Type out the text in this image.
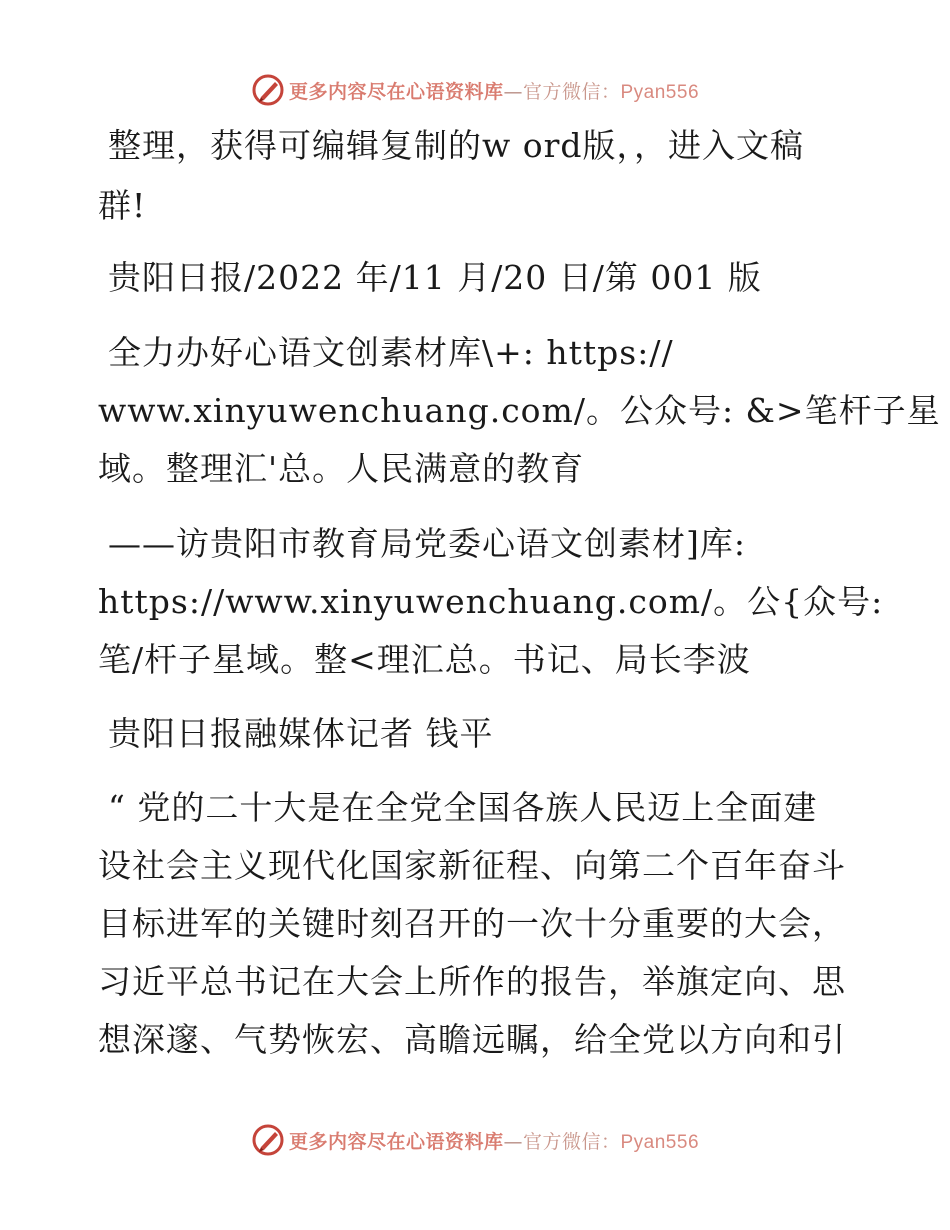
更多内容尽在心语资料库—官方微信：Pyan556
整理，获得可编辑复制的w ord版，，进入文稿
群!
贵阳日报/2022 年/11 月/20 日/第 001 版
全力办好心语文创素材库\+: https://
www.xinyuwenchuang.com/。公众号: &>笔杆子星
域。整理汇'总。人民满意的教育
——访贵阳市教育局党委心语文创素材]库:
https://www.xinyuwenchuang.com/。公{众号:
笔/杆子星域。整<理汇总。书记、局长李波
贵阳日报融媒体记者 钱平
“ 党的二十大是在全党全国各族人民迈上全面建
设社会主义现代化国家新征程、向第二个百年奋斗
目标进军的关键时刻召开的一次十分重要的大会，
习近平总书记在大会上所作的报告，举旗定向、思
想深邃、气势恢宏、高瞻远瞩，给全党以方向和引
更多内容尽在心语资料库—官方微信：Pyan556
